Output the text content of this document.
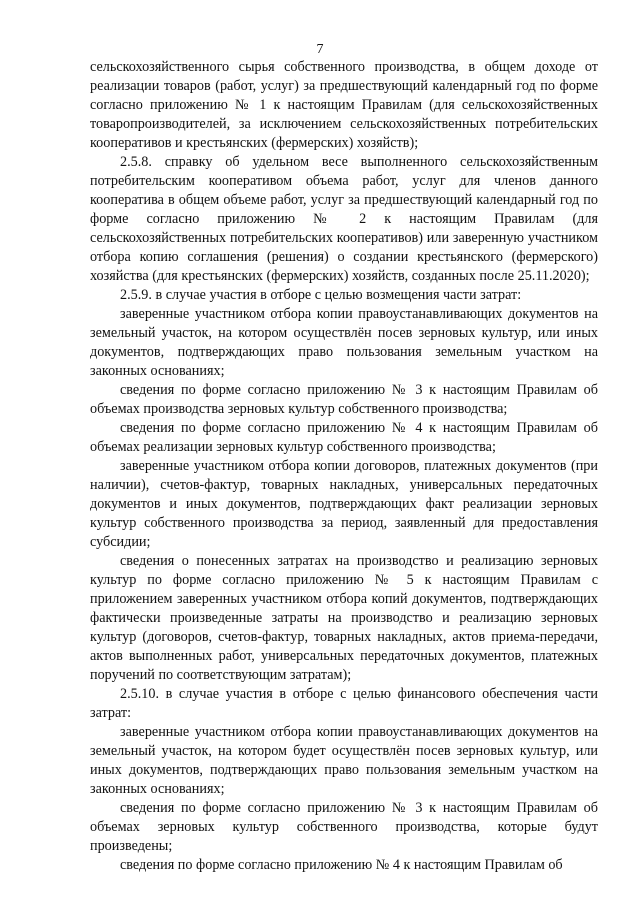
7

сельскохозяйственного сырья собственного производства, в общем доходе от реализации товаров (работ, услуг) за предшествующий календарный год по форме согласно приложению № 1 к настоящим Правилам (для сельскохозяйственных товаропроизводителей, за исключением сельскохозяйственных потребительских кооперативов и крестьянских (фермерских) хозяйств);

2.5.8. справку об удельном весе выполненного сельскохозяйственным потребительским кооперативом объема работ, услуг для членов данного кооператива в общем объеме работ, услуг за предшествующий календарный год по форме согласно приложению № 2 к настоящим Правилам (для сельскохозяйственных потребительских кооперативов) или заверенную участником отбора копию соглашения (решения) о создании крестьянского (фермерского) хозяйства (для крестьянских (фермерских) хозяйств, созданных после 25.11.2020);

2.5.9. в случае участия в отборе с целью возмещения части затрат:

заверенные участником отбора копии правоустанавливающих документов на земельный участок, на котором осуществлён посев зерновых культур, или иных документов, подтверждающих право пользования земельным участком на законных основаниях;

сведения по форме согласно приложению № 3 к настоящим Правилам об объемах производства зерновых культур собственного производства;

сведения по форме согласно приложению № 4 к настоящим Правилам об объемах реализации зерновых культур собственного производства;

заверенные участником отбора копии договоров, платежных документов (при наличии), счетов-фактур, товарных накладных, универсальных передаточных документов и иных документов, подтверждающих факт реализации зерновых культур собственного производства за период, заявленный для предоставления субсидии;

сведения о понесенных затратах на производство и реализацию зерновых культур по форме согласно приложению № 5 к настоящим Правилам с приложением заверенных участником отбора копий документов, подтверждающих фактически произведенные затраты на производство и реализацию зерновых культур (договоров, счетов-фактур, товарных накладных, актов приема-передачи, актов выполненных работ, универсальных передаточных документов, платежных поручений по соответствующим затратам);

2.5.10. в случае участия в отборе с целью финансового обеспечения части затрат:

заверенные участником отбора копии правоустанавливающих документов на земельный участок, на котором будет осуществлён посев зерновых культур, или иных документов, подтверждающих право пользования земельным участком на законных основаниях;

сведения по форме согласно приложению № 3 к настоящим Правилам об объемах зерновых культур собственного производства, которые будут произведены;

сведения по форме согласно приложению № 4 к настоящим Правилам об
